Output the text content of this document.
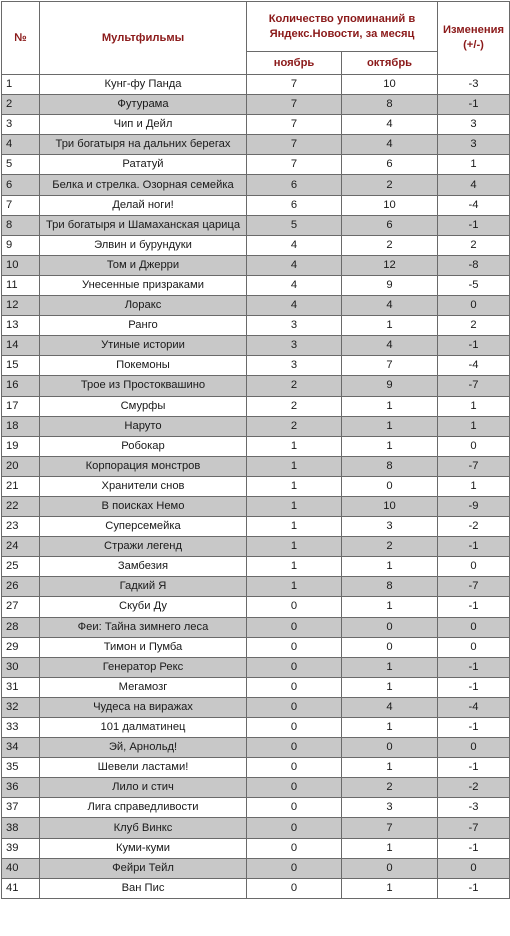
№	Мультфильмы	Количество упоминаний в Яндекс.Новости, за месяц		Изменения (+/-)
		ноябрь	октябрь	
1	Кунг-фу Панда	7	10	-3
2	Футурама	7	8	-1
3	Чип и Дейл	7	4	3
4	Три богатыря на дальних берегах	7	4	3
5	Рататуй	7	6	1
6	Белка и стрелка. Озорная семейка	6	2	4
7	Делай ноги!	6	10	-4
8	Три богатыря и Шамаханская царица	5	6	-1
9	Элвин и бурундуки	4	2	2
10	Том и Джерри	4	12	-8
11	Унесенные призраками	4	9	-5
12	Лоракс	4	4	0
13	Ранго	3	1	2
14	Утиные истории	3	4	-1
15	Покемоны	3	7	-4
16	Трое из Простоквашино	2	9	-7
17	Смурфы	2	1	1
18	Наруто	2	1	1
19	Робокар	1	1	0
20	Корпорация монстров	1	8	-7
21	Хранители снов	1	0	1
22	В поисках Немо	1	10	-9
23	Суперсемейка	1	3	-2
24	Стражи легенд	1	2	-1
25	Замбезия	1	1	0
26	Гадкий Я	1	8	-7
27	Скуби Ду	0	1	-1
28	Феи: Тайна зимнего леса	0	0	0
29	Тимон и Пумба	0	0	0
30	Генератор Рекс	0	1	-1
31	Мегамозг	0	1	-1
32	Чудеса на виражах	0	4	-4
33	101 далматинец	0	1	-1
34	Эй, Арнольд!	0	0	0
35	Шевели ластами!	0	1	-1
36	Лило и стич	0	2	-2
37	Лига справедливости	0	3	-3
38	Клуб Винкс	0	7	-7
39	Куми-куми	0	1	-1
40	Фейри Тейл	0	0	0
41	Ван Пис	0	1	-1
